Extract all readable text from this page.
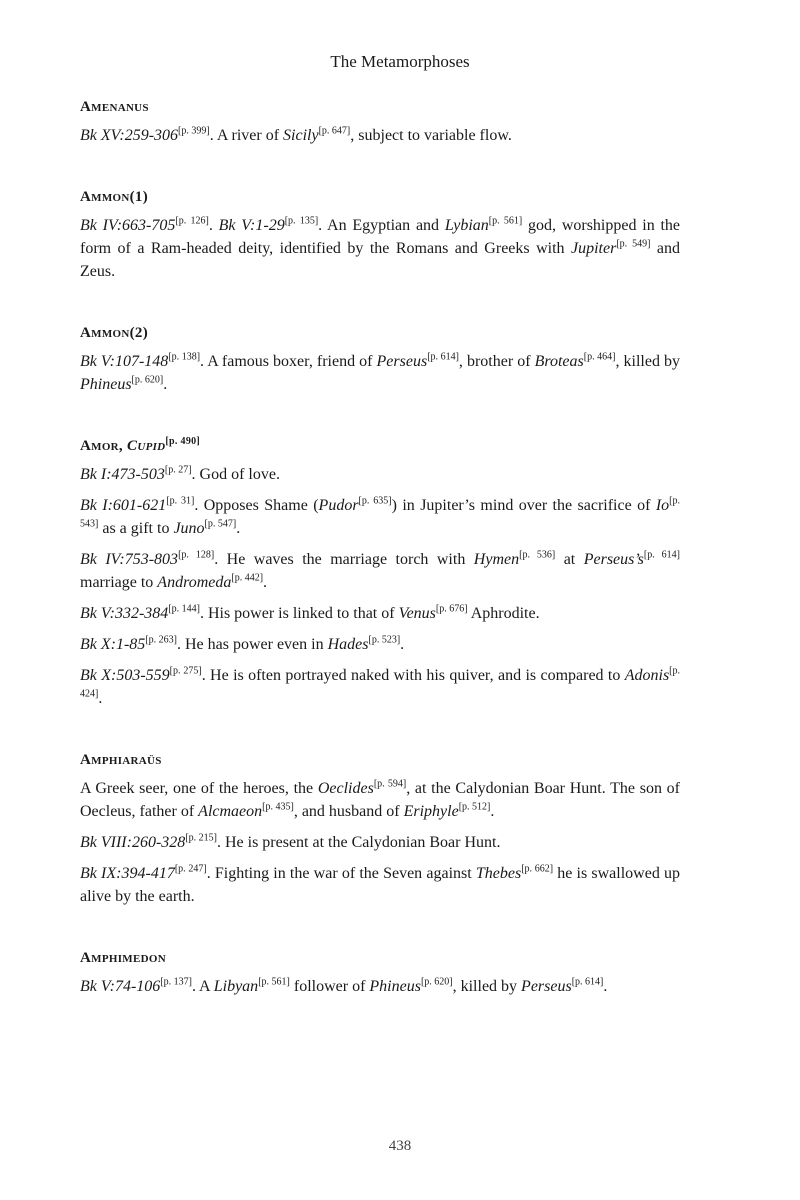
The Metamorphoses
Amenanus

Bk XV:259-306[p. 399]. A river of Sicily[p. 647], subject to variable flow.

Ammon(1)

Bk IV:663-705[p. 126]. Bk V:1-29[p. 135]. An Egyptian and Lybian[p. 561] god, worshipped in the form of a Ram-headed deity, identified by the Romans and Greeks with Jupiter[p. 549] and Zeus.

Ammon(2)

Bk V:107-148[p. 138]. A famous boxer, friend of Perseus[p. 614], brother of Broteas[p. 464], killed by Phineus[p. 620].

Amor, Cupid[p. 490]

Bk I:473-503[p. 27]. God of love.

Bk I:601-621[p. 31]. Opposes Shame (Pudor[p. 635]) in Jupiter’s mind over the sacrifice of Io[p. 543] as a gift to Juno[p. 547].

Bk IV:753-803[p. 128]. He waves the marriage torch with Hymen[p. 536] at Perseus’s[p. 614] marriage to Andromeda[p. 442].

Bk V:332-384[p. 144]. His power is linked to that of Venus[p. 676] Aphrodite.

Bk X:1-85[p. 263]. He has power even in Hades[p. 523].

Bk X:503-559[p. 275]. He is often portrayed naked with his quiver, and is compared to Adonis[p. 424].

Amphiaraüs

A Greek seer, one of the heroes, the Oeclides[p. 594], at the Calydonian Boar Hunt. The son of Oecleus, father of Alcmaeon[p. 435], and husband of Eriphyle[p. 512].

Bk VIII:260-328[p. 215]. He is present at the Calydonian Boar Hunt.

Bk IX:394-417[p. 247]. Fighting in the war of the Seven against Thebes[p. 662] he is swallowed up alive by the earth.

Amphimedon

Bk V:74-106[p. 137]. A Libyan[p. 561] follower of Phineus[p. 620], killed by Perseus[p. 614].

438
